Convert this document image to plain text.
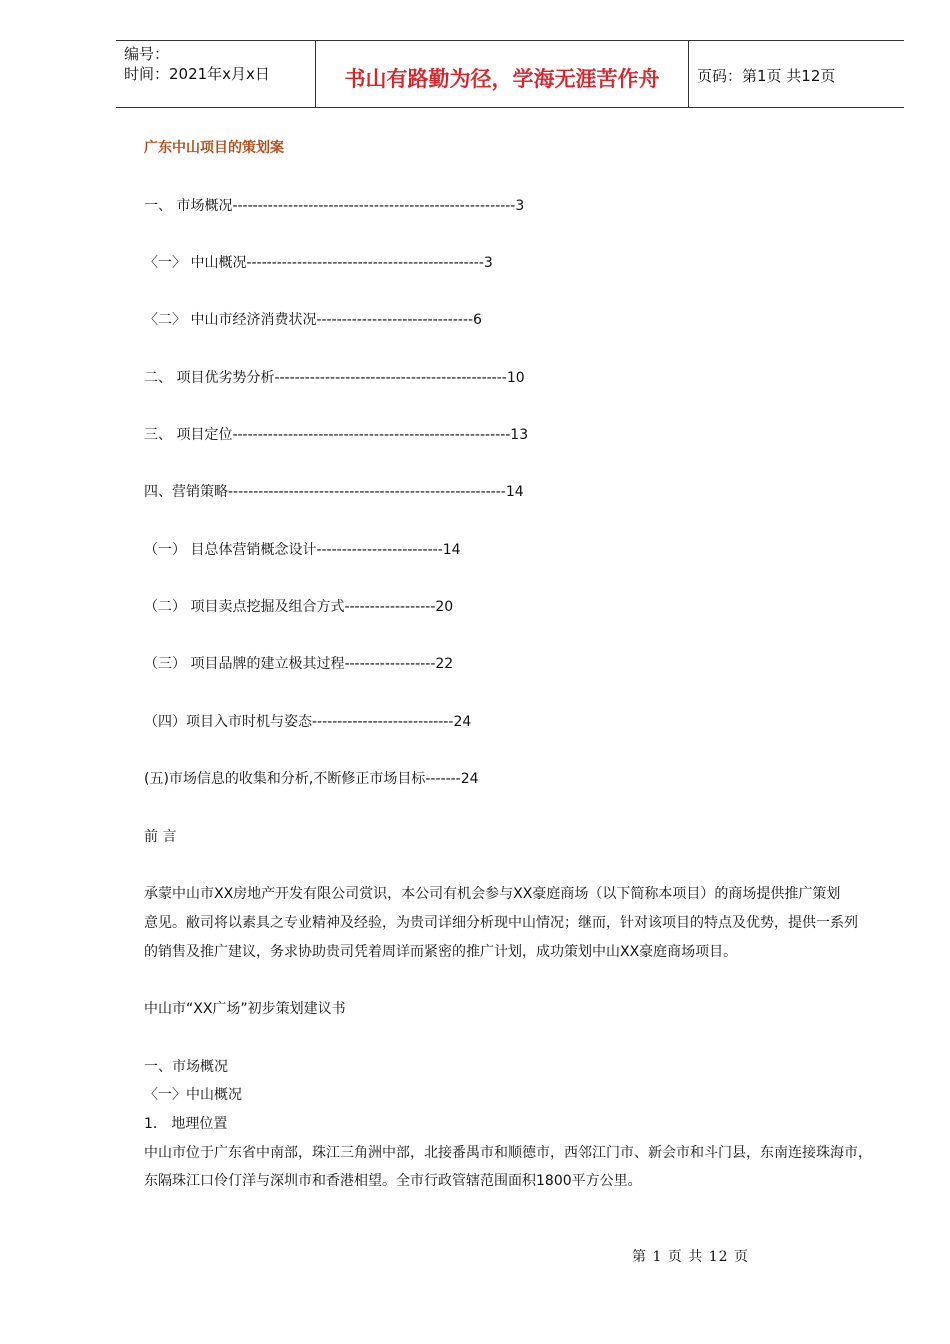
编号：
时间：2021年x月x日	书山有路勤为径，学海无涯苦作舟	页码：第1页 共12页
广东中山项目的策划案
一、 市场概况--------------------------------------------------------3
〈一〉 中山概况-----------------------------------------------3
〈二〉 中山市经济消费状况-------------------------------6
二、 项目优劣势分析----------------------------------------------10
三、 项目定位-------------------------------------------------------13
四、营销策略-------------------------------------------------------14
（一） 目总体营销概念设计-------------------------14
（二） 项目卖点挖掘及组合方式------------------20
（三） 项目品牌的建立极其过程------------------22
（四）项目入市时机与姿态----------------------------24
(五)市场信息的收集和分析,不断修正市场目标-------24
前 言
承蒙中山市XX房地产开发有限公司赏识，本公司有机会参与XX豪庭商场（以下简称本项目）的商场提供推广策划
意见。敝司将以素具之专业精神及经验，为贵司详细分析现中山情况；继而，针对该项目的特点及优势，提供一系列
的销售及推广建议，务求协助贵司凭着周详而紧密的推广计划，成功策划中山XX豪庭商场项目。
中山市“XX广场”初步策划建议书
一、市场概况
〈一〉中山概况
1． 地理位置
中山市位于广东省中南部，珠江三角洲中部，北接番禺市和顺德市，西邻江门市、新会市和斗门县，东南连接珠海市，
东隔珠江口伶仃洋与深圳市和香港相望。全市行政管辖范围面积1800平方公里。
第 1 页 共 12 页
